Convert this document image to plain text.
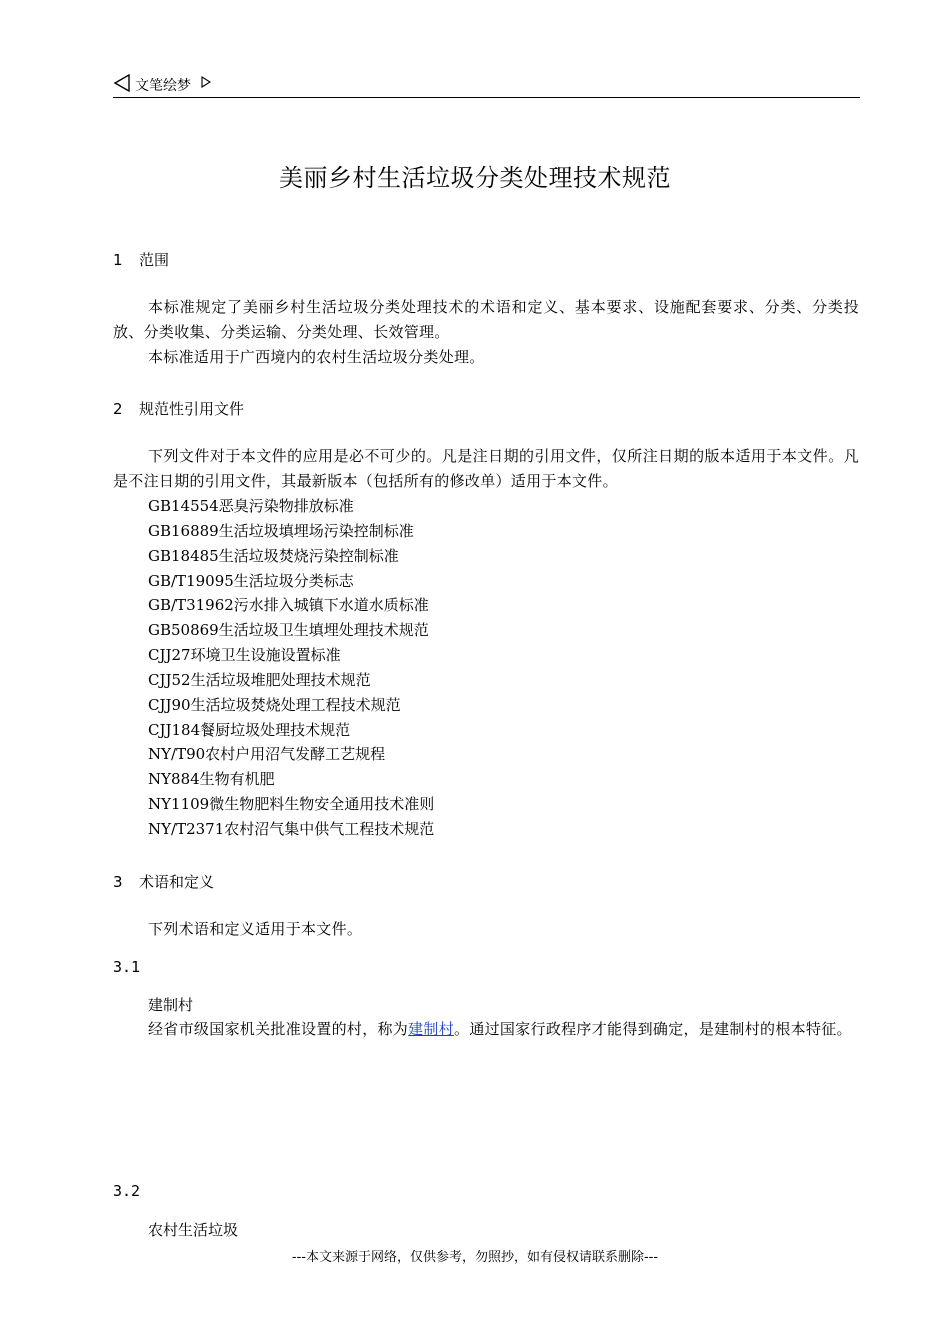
文笔绘梦
美丽乡村生活垃圾分类处理技术规范
1 范围

本标准规定了美丽乡村生活垃圾分类处理技术的术语和定义、基本要求、设施配套要求、分类、分类投放、分类收集、分类运输、分类处理、长效管理。

本标准适用于广西境内的农村生活垃圾分类处理。

2 规范性引用文件

下列文件对于本文件的应用是必不可少的。凡是注日期的引用文件，仅所注日期的版本适用于本文件。凡是不注日期的引用文件，其最新版本（包括所有的修改单）适用于本文件。

GB14554恶臭污染物排放标准
GB16889生活垃圾填埋场污染控制标准
GB18485生活垃圾焚烧污染控制标准
GB/T19095生活垃圾分类标志
GB/T31962污水排入城镇下水道水质标准
GB50869生活垃圾卫生填埋处理技术规范
CJJ27环境卫生设施设置标准
CJJ52生活垃圾堆肥处理技术规范
CJJ90生活垃圾焚烧处理工程技术规范
CJJ184餐厨垃圾处理技术规范
NY/T90农村户用沼气发酵工艺规程
NY884生物有机肥
NY1109微生物肥料生物安全通用技术准则
NY/T2371农村沼气集中供气工程技术规范
3 术语和定义

下列术语和定义适用于本文件。

3.1
建制村

经省市级国家机关批准设置的村，称为建制村。通过国家行政程序才能得到确定，是建制村的根本特征。

3.2
农村生活垃圾
---本文来源于网络，仅供参考，勿照抄，如有侵权请联系删除---
